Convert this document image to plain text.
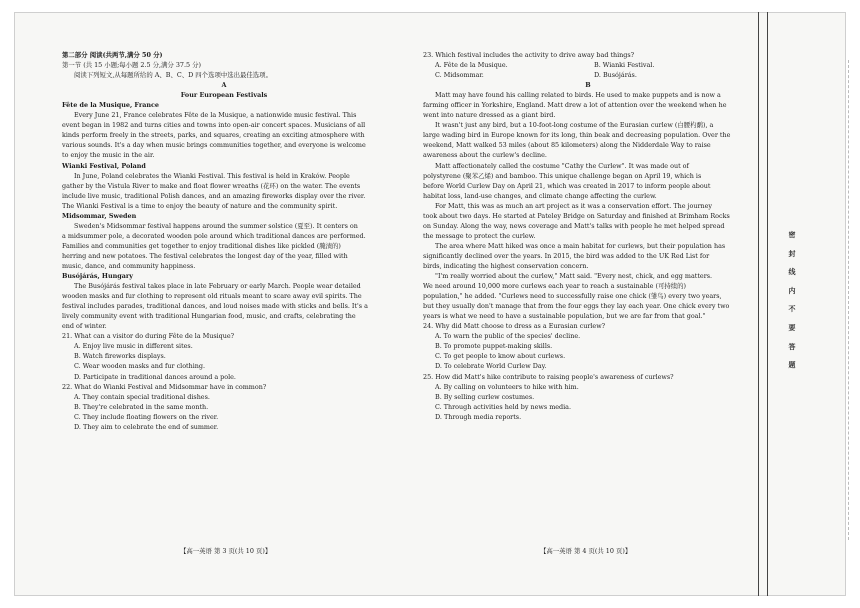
第二部分 阅读(共两节,满分 50 分)
第一节 (共 15 小题;每小题 2.5 分,满分 37.5 分)
阅读下列短文,从每题所给的 A、B、C、D 四个选项中选出最佳选项。
A
Four European Festivals
Fête de la Musique, France
Every June 21, France celebrates Fête de la Musique, a nationwide music festival. This
event began in 1982 and turns cities and towns into open-air concert spaces. Musicians of all
kinds perform freely in the streets, parks, and squares, creating an exciting atmosphere with
various sounds. It's a day when music brings communities together, and everyone is welcome
to enjoy the music in the air.
Wianki Festival, Poland
In June, Poland celebrates the Wianki Festival. This festival is held in Kraków. People
gather by the Vistula River to make and float flower wreaths (花环) on the water. The events
include live music, traditional Polish dances, and an amazing fireworks display over the river.
The Wianki Festival is a time to enjoy the beauty of nature and the community spirit.
Midsommar, Sweden
Sweden's Midsommar festival happens around the summer solstice (夏至). It centers on
a midsummer pole, a decorated wooden pole around which traditional dances are performed.
Families and communities get together to enjoy traditional dishes like pickled (腌渍的)
herring and new potatoes. The festival celebrates the longest day of the year, filled with
music, dance, and community happiness.
Busójárás, Hungary
The Busójárás festival takes place in late February or early March. People wear detailed
wooden masks and fur clothing to represent old rituals meant to scare away evil spirits. The
festival includes parades, traditional dances, and loud noises made with sticks and bells. It's a
lively community event with traditional Hungarian food, music, and crafts, celebrating the
end of winter.
21. What can a visitor do during Fête de la Musique?
A. Enjoy live music in different sites.
B. Watch fireworks displays.
C. Wear wooden masks and fur clothing.
D. Participate in traditional dances around a pole.
22. What do Wianki Festival and Midsommar have in common?
A. They contain special traditional dishes.
B. They're celebrated in the same month.
C. They include floating flowers on the river.
D. They aim to celebrate the end of summer.
23. Which festival includes the activity to drive away bad things?
A. Fête de la Musique.	B. Wianki Festival.
C. Midsommar.	D. Busójárás.
B
Matt may have found his calling related to birds. He used to make puppets and is now a
farming officer in Yorkshire, England. Matt drew a lot of attention over the weekend when he
went into nature dressed as a giant bird.
It wasn't just any bird, but a 10-foot-long costume of the Eurasian curlew (白腰杓鹬), a
large wading bird in Europe known for its long, thin beak and decreasing population. Over the
weekend, Matt walked 53 miles (about 85 kilometers) along the Nidderdale Way to raise
awareness about the curlew's decline.
Matt affectionately called the costume "Cathy the Curlew". It was made out of
polystyrene (聚苯乙烯) and bamboo. This unique challenge began on April 19, which is
before World Curlew Day on April 21, which was created in 2017 to inform people about
habitat loss, land-use changes, and climate change affecting the curlew.
For Matt, this was as much an art project as it was a conservation effort. The journey
took about two days. He started at Pateley Bridge on Saturday and finished at Brimham Rocks
on Sunday. Along the way, news coverage and Matt's talks with people he met helped spread
the message to protect the curlew.
The area where Matt hiked was once a main habitat for curlews, but their population has
significantly declined over the years. In 2015, the bird was added to the UK Red List for
birds, indicating the highest conservation concern.
"I'm really worried about the curlew," Matt said. "Every nest, chick, and egg matters.
We need around 10,000 more curlews each year to reach a sustainable (可持续的)
population," he added. "Curlews need to successfully raise one chick (雏鸟) every two years,
but they usually don't manage that from the four eggs they lay each year. One chick every two
years is what we need to have a sustainable population, but we are far from that goal."
24. Why did Matt choose to dress as a Eurasian curlew?
A. To warn the public of the species' decline.
B. To promote puppet-making skills.
C. To get people to know about curlews.
D. To celebrate World Curlew Day.
25. How did Matt's hike contribute to raising people's awareness of curlews?
A. By calling on volunteers to hike with him.
B. By selling curlew costumes.
C. Through activities held by news media.
D. Through media reports.
【高一英语 第 3 页(共 10 页)】	【高一英语 第 4 页(共 10 页)】
密
封
线
内
不
要
答
题
